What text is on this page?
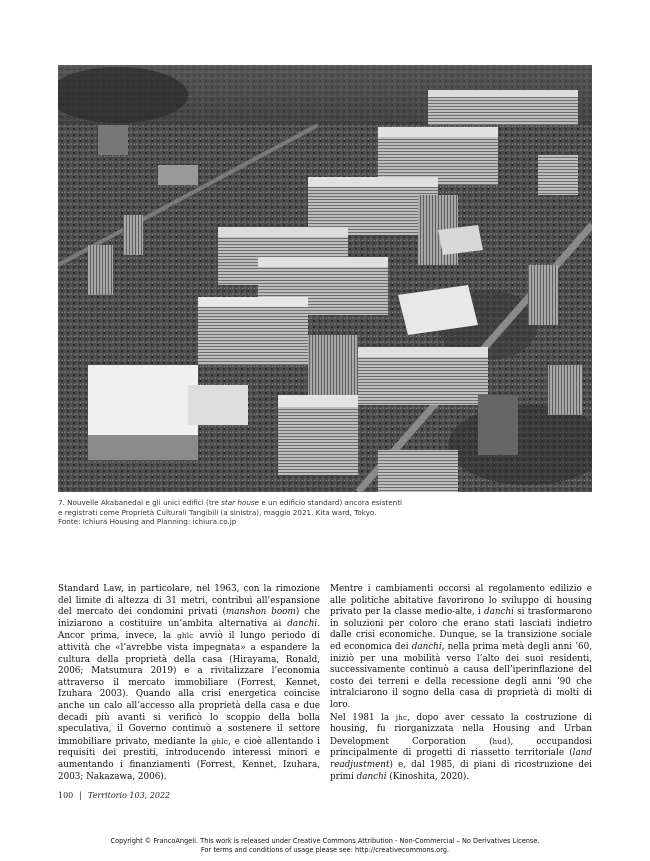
7. Nouvelle Akabanedai e gli unici edifici (tre star house e un edificio standard) ancora esistenti
e registrati come Proprietà Culturali Tangibili (a sinistra), maggio 2021. Kita ward, Tokyo.
Fonte: Ichiura Housing and Planning: ichiura.co.jp

Standard Law, in particolare, nel 1963, con la rimozione del limite di altezza di 31 metri, contribuì all’espansione del mercato dei condomini privati (manshon boom) che iniziarono a costituire un’ambita alternativa ai danchi. Ancor prima, invece, la ghlc avviò il lungo periodo di attività che «l’avrebbe vista impegnata» a espandere la cultura della proprietà della casa (Hirayama, Ronald, 2006; Matsumura 2019) e a rivitalizzare l’economia attraverso il mercato immobiliare (Forrest, Kennet, Izuhara 2003). Quando alla crisi energetica coincise anche un calo all’accesso alla proprietà della casa e due decadi più avanti si verificò lo scoppio della bolla speculativa, il Governo continuò a sostenere il settore immobiliare privato, mediante la ghlc, e cioè allentando i requisiti dei prestiti, introducendo interessi minori e aumentando i finanziamenti (Forrest, Kennet, Izuhara, 2003; Nakazawa, 2006).

Mentre i cambiamenti occorsi al regolamento edilizio e alle politiche abitative favorirono lo sviluppo di housing privato per la classe medio-alte, i danchi si trasformarono in soluzioni per coloro che erano stati lasciati indietro dalle crisi economiche. Dunque, se la transizione sociale ed economica dei danchi, nella prima metà degli anni ’60, iniziò per una mobilità verso l’alto dei suoi residenti, successivamente continuò a causa dell’iperinflazione del costo dei terreni e della recessione degli anni ’90 che intralciarono il sogno della casa di proprietà di molti di loro.

Nel 1981 la jhc, dopo aver cessato la costruzione di housing, fu riorganizzata nella Housing and Urban Development Corporation (hud), occupandosi principalmente di progetti di riassetto territoriale (land readjustment) e, dal 1985, di piani di ricostruzione dei primi danchi (Kinoshita, 2020).

100 | Territorio 103, 2022
Copyright © FrancoAngeli. This work is released under Creative Commons Attribution - Non-Commercial – No Derivatives License.
For terms and conditions of usage please see: http://creativecommons.org.
